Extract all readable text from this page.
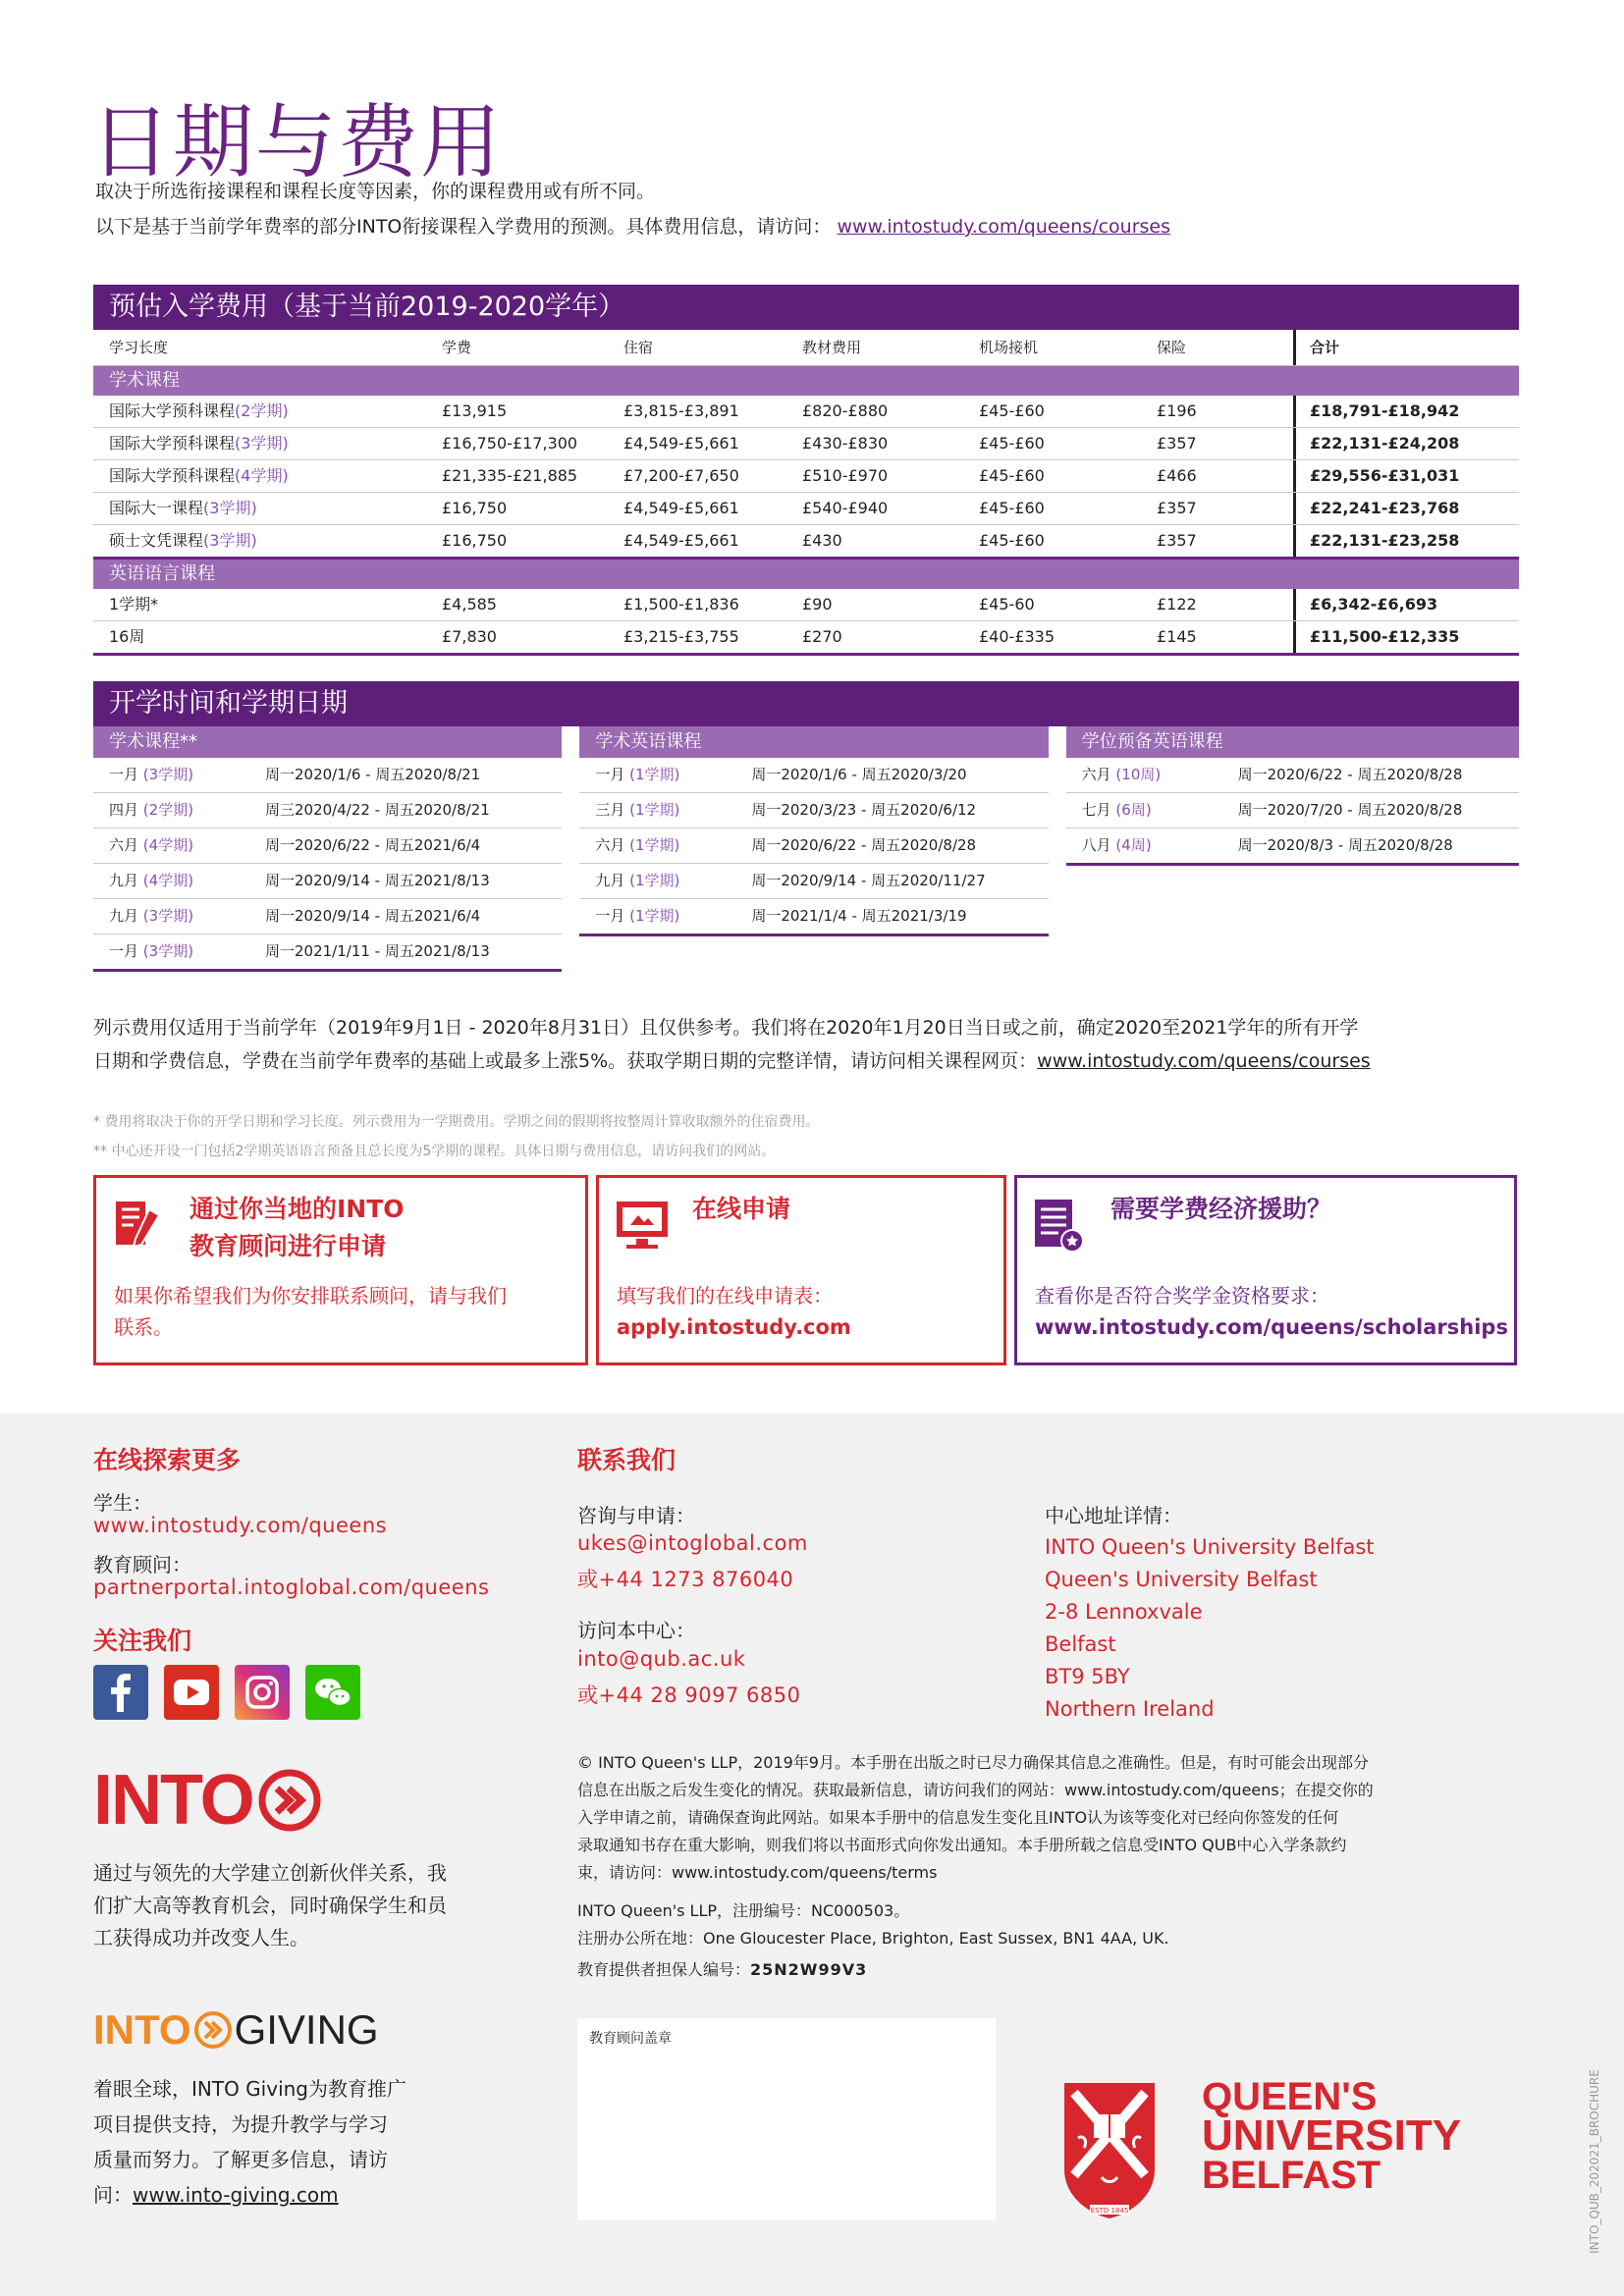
日期与费用
取决于所选衔接课程和课程长度等因素，你的课程费用或有所不同。
以下是基于当前学年费率的部分INTO衔接课程入学费用的预测。具体费用信息，请访问： www.intostudy.com/queens/courses
预估入学费用（基于当前2019-2020学年）
学习长度	学费	住宿	教材费用	机场接机	保险	合计
学术课程
国际大学预科课程(2学期)	£13,915	£3,815-£3,891	£820-£880	£45-£60	£196	£18,791-£18,942
国际大学预科课程(3学期)	£16,750-£17,300	£4,549-£5,661	£430-£830	£45-£60	£357	£22,131-£24,208
国际大学预科课程(4学期)	£21,335-£21,885	£7,200-£7,650	£510-£970	£45-£60	£466	£29,556-£31,031
国际大一课程(3学期)	£16,750	£4,549-£5,661	£540-£940	£45-£60	£357	£22,241-£23,768
硕士文凭课程(3学期)	£16,750	£4,549-£5,661	£430	£45-£60	£357	£22,131-£23,258
英语语言课程
1学期*	£4,585	£1,500-£1,836	£90	£45-60	£122	£6,342-£6,693
16周	£7,830	£3,215-£3,755	£270	£40-£335	£145	£11,500-£12,335
开学时间和学期日期
学术课程**
一月 (3学期)	周一2020/1/6 - 周五2020/8/21
四月 (2学期)	周三2020/4/22 - 周五2020/8/21
六月 (4学期)	周一2020/6/22 - 周五2021/6/4
九月 (4学期)	周一2020/9/14 - 周五2021/8/13
九月 (3学期)	周一2020/9/14 - 周五2021/6/4
一月 (3学期)	周一2021/1/11 - 周五2021/8/13
学术英语课程
一月 (1学期)	周一2020/1/6 - 周五2020/3/20
三月 (1学期)	周一2020/3/23 - 周五2020/6/12
六月 (1学期)	周一2020/6/22 - 周五2020/8/28
九月 (1学期)	周一2020/9/14 - 周五2020/11/27
一月 (1学期)	周一2021/1/4 - 周五2021/3/19
学位预备英语课程
六月 (10周)	周一2020/6/22 - 周五2020/8/28
七月 (6周)	周一2020/7/20 - 周五2020/8/28
八月 (4周)	周一2020/8/3 - 周五2020/8/28
列示费用仅适用于当前学年（2019年9月1日 - 2020年8月31日）且仅供参考。我们将在2020年1月20日当日或之前，确定2020至2021学年的所有开学
日期和学费信息，学费在当前学年费率的基础上或最多上涨5%。获取学期日期的完整详情，请访问相关课程网页：www.intostudy.com/queens/courses
* 费用将取决于你的开学日期和学习长度。列示费用为一学期费用。学期之间的假期将按整周计算收取额外的住宿费用。
** 中心还开设一门包括2学期英语语言预备且总长度为5学期的课程。具体日期与费用信息，请访问我们的网站。
通过你当地的INTO
教育顾问进行申请
如果你希望我们为你安排联系顾问，请与我们
联系。
在线申请
填写我们的在线申请表：
apply.intostudy.com
需要学费经济援助？
查看你是否符合奖学金资格要求：
www.intostudy.com/queens/scholarships
在线探索更多
学生：
www.intostudy.com/queens
教育顾问：
partnerportal.intoglobal.com/queens
关注我们
INTO
通过与领先的大学建立创新伙伴关系，我
们扩大高等教育机会，同时确保学生和员
工获得成功并改变人生。
INTO GIVING
着眼全球，INTO Giving为教育推广
项目提供支持，为提升教学与学习
质量而努力。了解更多信息，请访
问：www.into-giving.com
联系我们
咨询与申请：
ukes@intoglobal.com
或+44 1273 876040
访问本中心：
into@qub.ac.uk
或+44 28 9097 6850
中心地址详情：
INTO Queen's University Belfast
Queen's University Belfast
2-8 Lennoxvale
Belfast
BT9 5BY
Northern Ireland
© INTO Queen's LLP，2019年9月。本手册在出版之时已尽力确保其信息之准确性。但是，有时可能会出现部分
信息在出版之后发生变化的情况。获取最新信息，请访问我们的网站：www.intostudy.com/queens；在提交你的
入学申请之前，请确保查询此网站。如果本手册中的信息发生变化且INTO认为该等变化对已经向你签发的任何
录取通知书存在重大影响，则我们将以书面形式向你发出通知。本手册所载之信息受INTO QUB中心入学条款约
束，请访问：www.intostudy.com/queens/terms
INTO Queen's LLP，注册编号：NC000503。
注册办公所在地：One Gloucester Place, Brighton, East Sussex, BN1 4AA, UK.
教育提供者担保人编号：25N2W99V3
教育顾问盖章
ESTD 1845
QUEEN'S
UNIVERSITY
BELFAST	INTO_QUB_202021_BROCHURE
